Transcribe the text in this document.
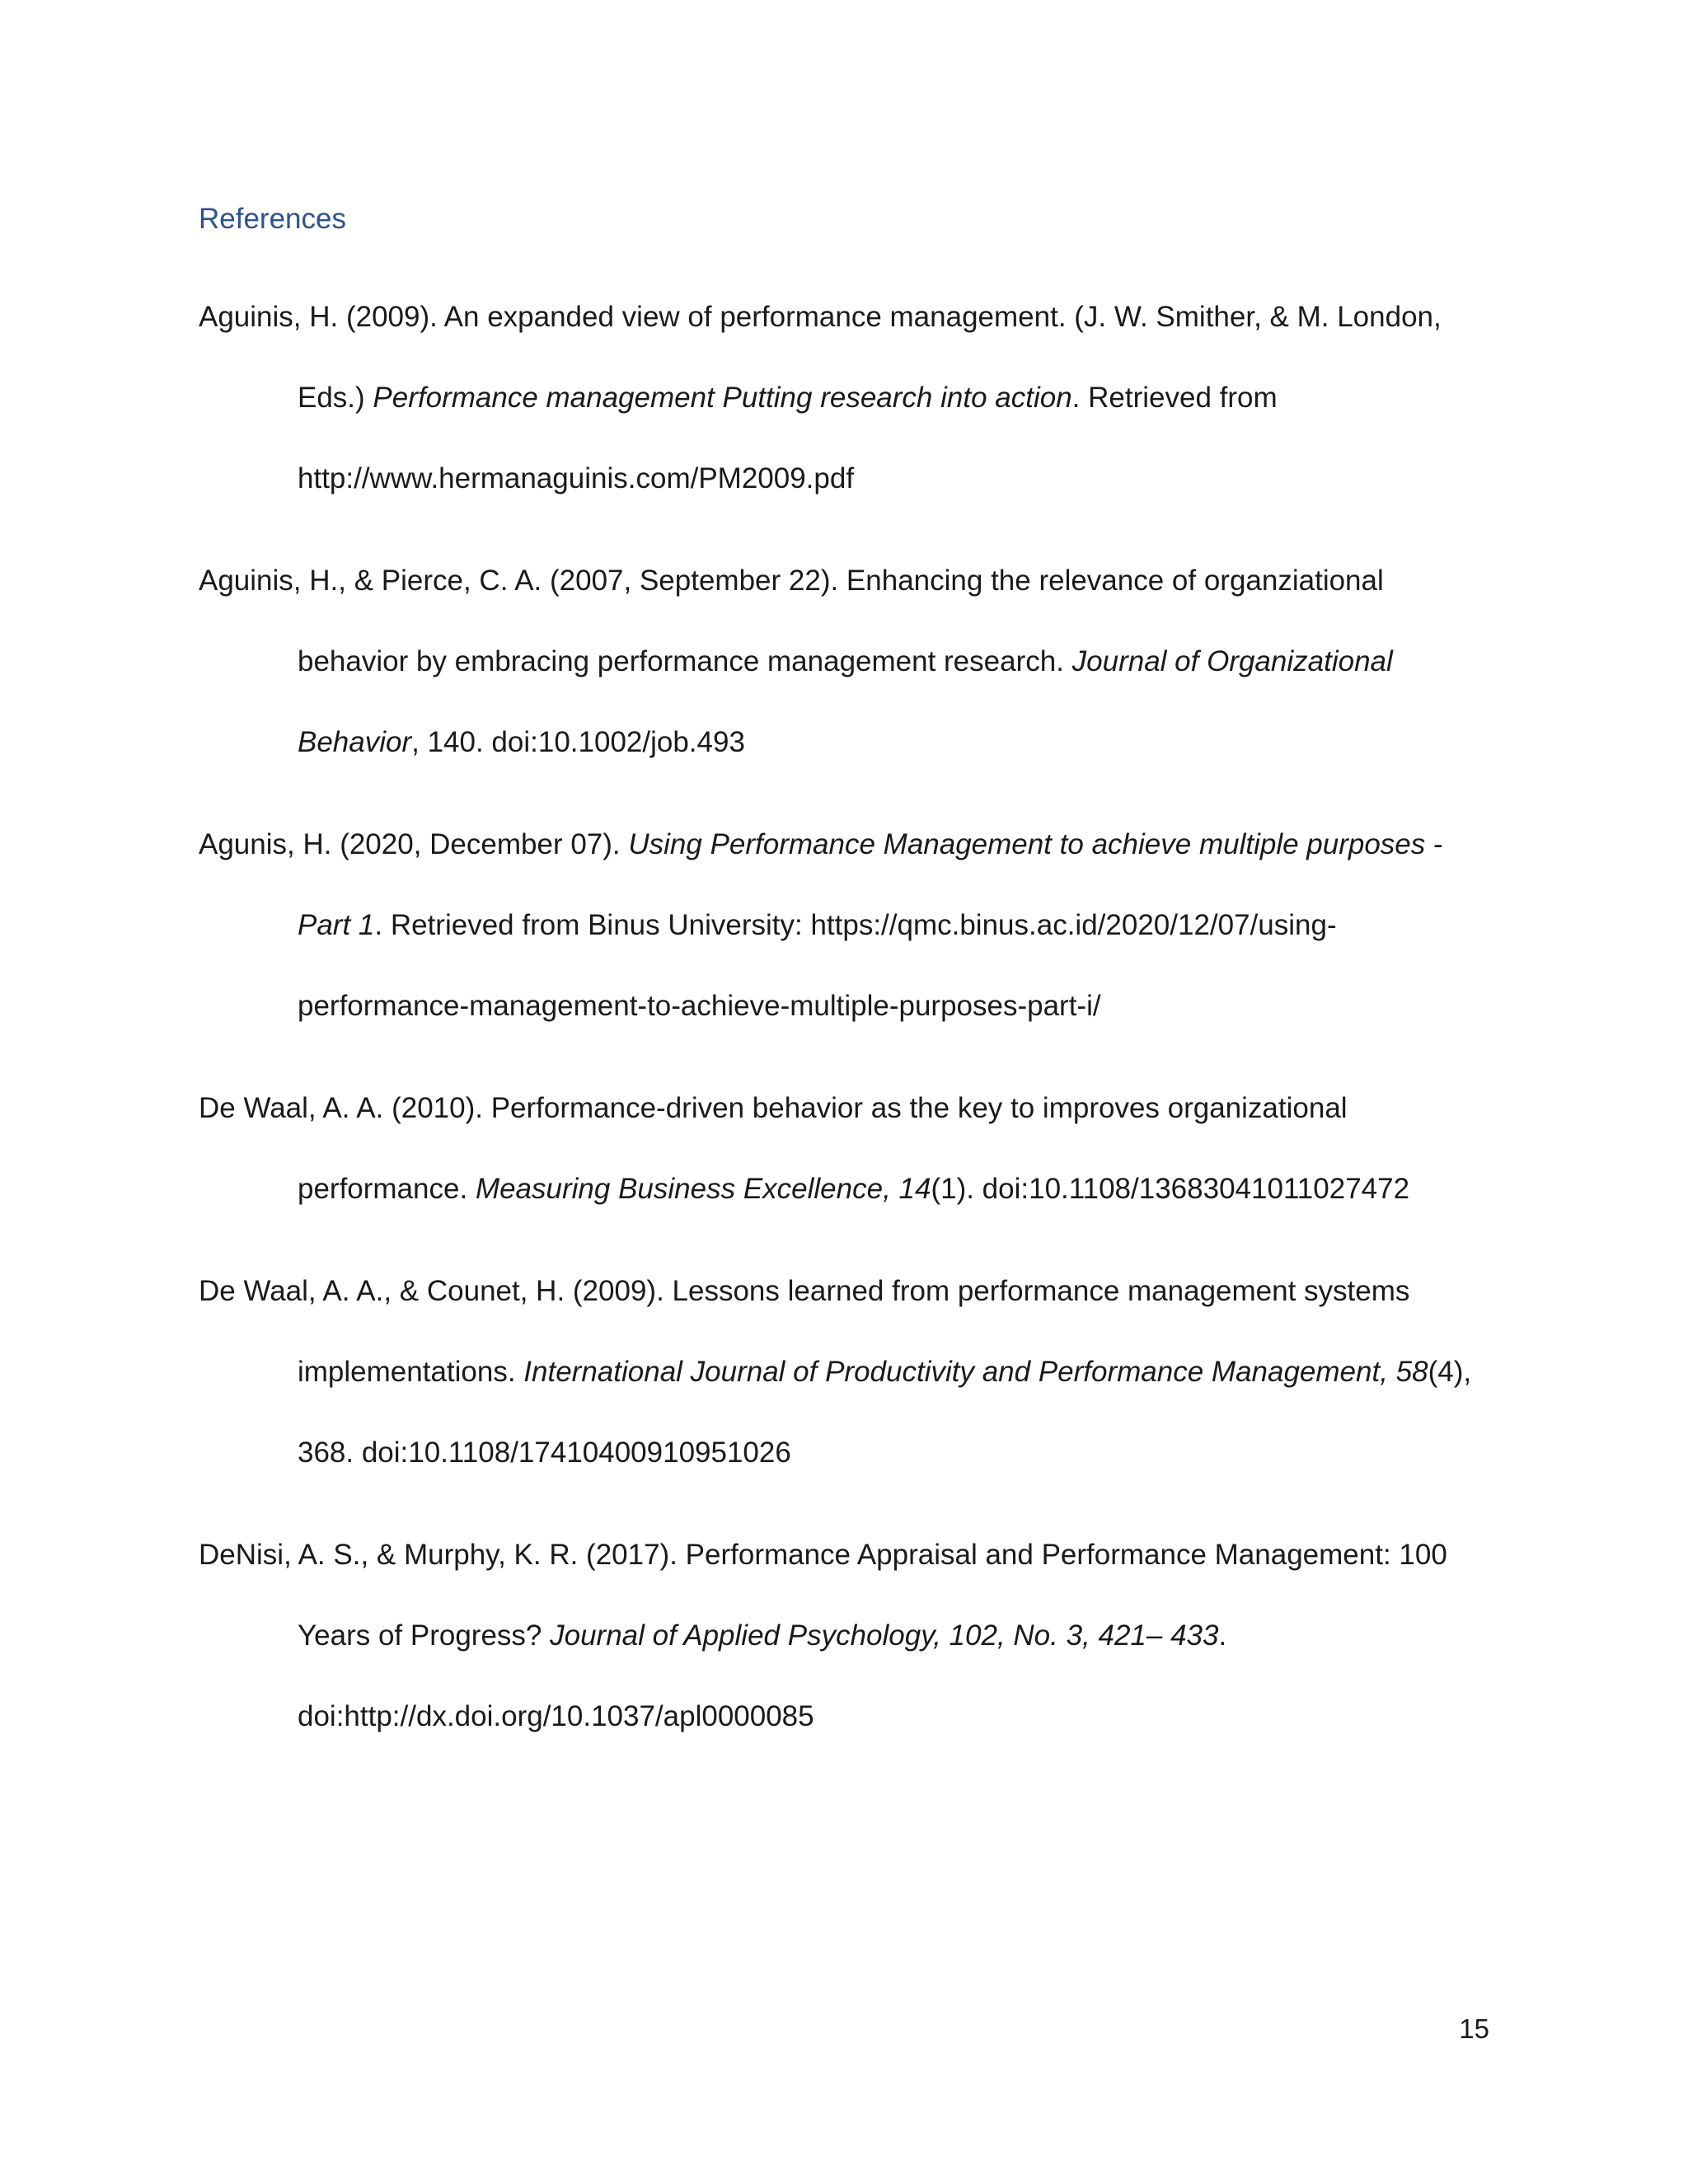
References
Aguinis, H. (2009). An expanded view of performance management. (J. W. Smither, & M. London, Eds.) Performance management Putting research into action. Retrieved from http://www.hermanaguinis.com/PM2009.pdf
Aguinis, H., & Pierce, C. A. (2007, September 22). Enhancing the relevance of organziational behavior by embracing performance management research. Journal of Organizational Behavior, 140. doi:10.1002/job.493
Agunis, H. (2020, December 07). Using Performance Management to achieve multiple purposes - Part 1. Retrieved from Binus University: https://qmc.binus.ac.id/2020/12/07/using-performance-management-to-achieve-multiple-purposes-part-i/
De Waal, A. A. (2010). Performance-driven behavior as the key to improves organizational performance. Measuring Business Excellence, 14(1). doi:10.1108/13683041011027472
De Waal, A. A., & Counet, H. (2009). Lessons learned from performance management systems implementations. International Journal of Productivity and Performance Management, 58(4), 368. doi:10.1108/17410400910951026
DeNisi, A. S., & Murphy, K. R. (2017). Performance Appraisal and Performance Management: 100 Years of Progress? Journal of Applied Psychology, 102, No. 3, 421– 433. doi:http://dx.doi.org/10.1037/apl0000085
15
